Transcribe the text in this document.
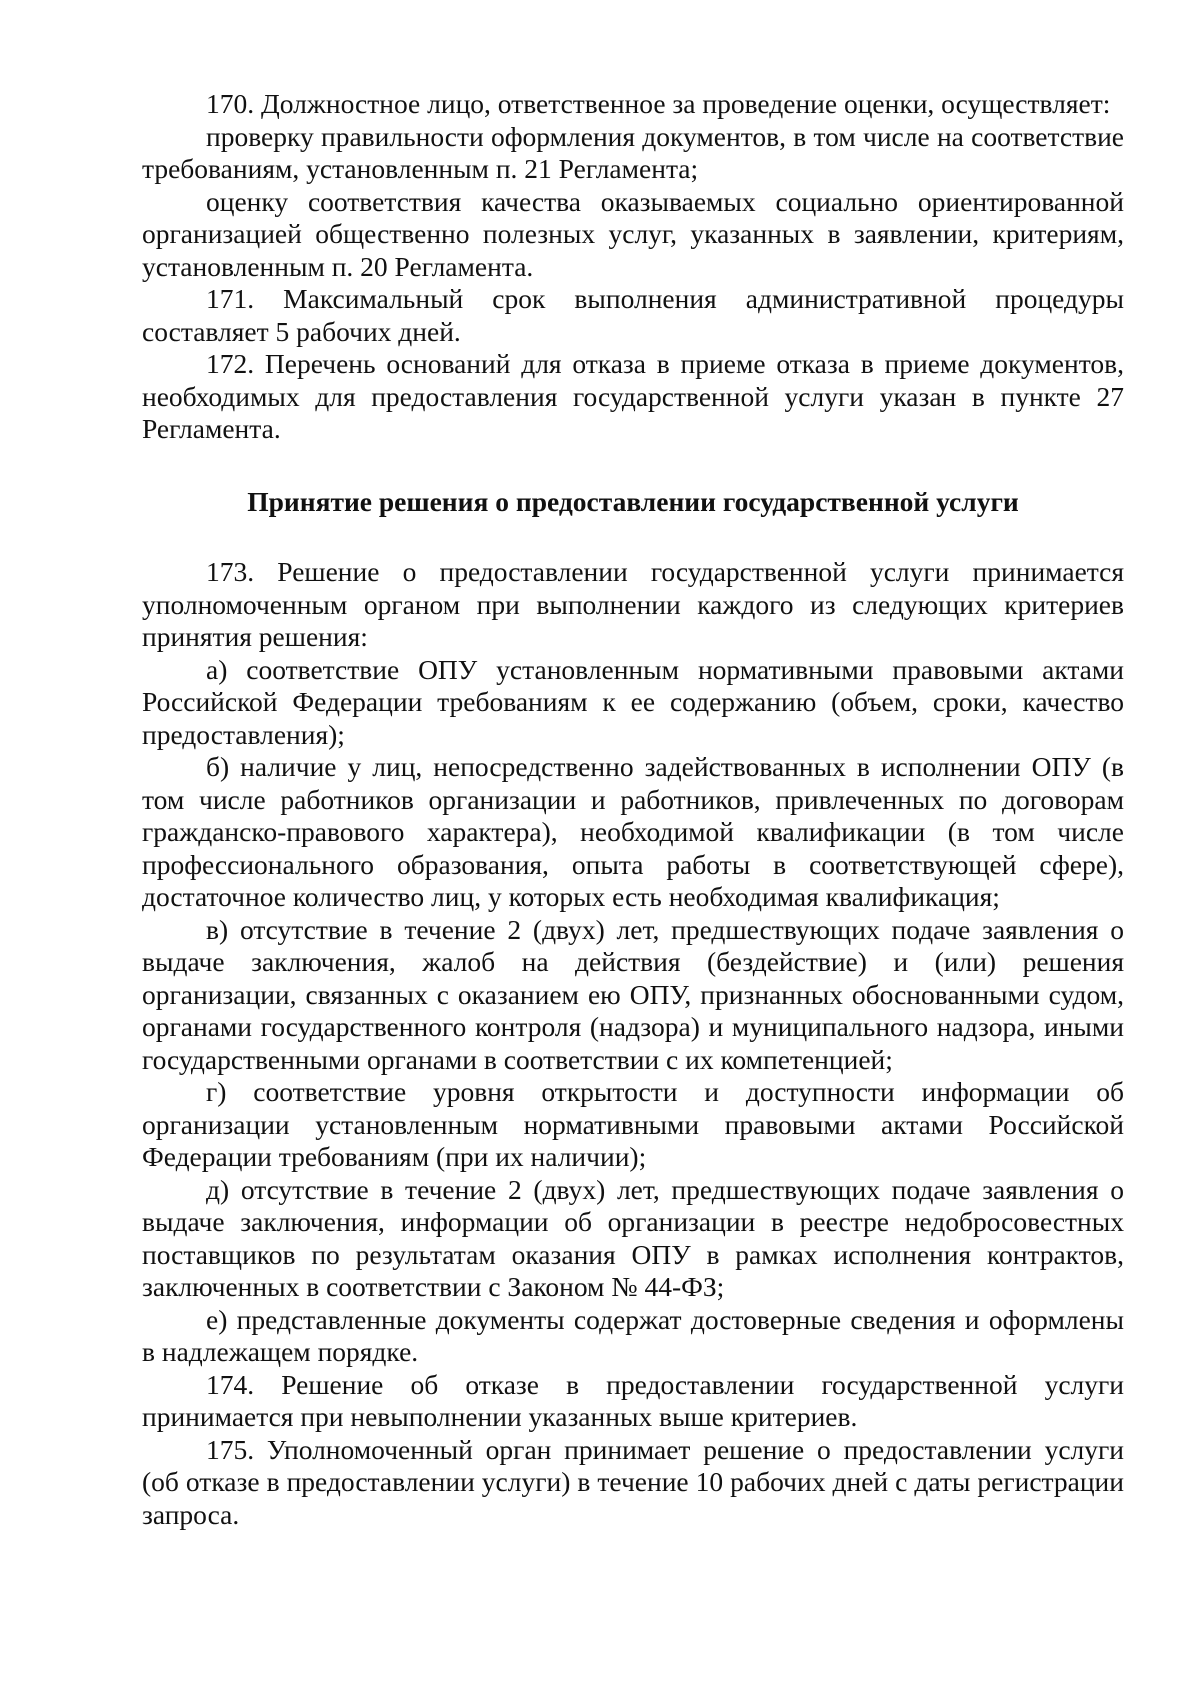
170. Должностное лицо, ответственное за проведение оценки, осуществляет:

проверку правильности оформления документов, в том числе на соответствие требованиям, установленным п. 21 Регламента;

оценку соответствия качества оказываемых социально ориентированной организацией общественно полезных услуг, указанных в заявлении, критериям, установленным п. 20 Регламента.

171. Максимальный срок выполнения административной процедуры составляет 5 рабочих дней.

172. Перечень оснований для отказа в приеме отказа в приеме документов, необходимых для предоставления государственной услуги указан в пункте 27 Регламента.

Принятие решения о предоставлении государственной услуги

173. Решение о предоставлении государственной услуги принимается уполномоченным органом при выполнении каждого из следующих критериев принятия решения:

а) соответствие ОПУ установленным нормативными правовыми актами Российской Федерации требованиям к ее содержанию (объем, сроки, качество предоставления);

б) наличие у лиц, непосредственно задействованных в исполнении ОПУ (в том числе работников организации и работников, привлеченных по договорам гражданско-правового характера), необходимой квалификации (в том числе профессионального образования, опыта работы в соответствующей сфере), достаточное количество лиц, у которых есть необходимая квалификация;

в) отсутствие в течение 2 (двух) лет, предшествующих подаче заявления о выдаче заключения, жалоб на действия (бездействие) и (или) решения организации, связанных с оказанием ею ОПУ, признанных обоснованными судом, органами государственного контроля (надзора) и муниципального надзора, иными государственными органами в соответствии с их компетенцией;

г) соответствие уровня открытости и доступности информации об организации установленным нормативными правовыми актами Российской Федерации требованиям (при их наличии);

д) отсутствие в течение 2 (двух) лет, предшествующих подаче заявления о выдаче заключения, информации об организации в реестре недобросовестных поставщиков по результатам оказания ОПУ в рамках исполнения контрактов, заключенных в соответствии с Законом № 44-ФЗ;

е) представленные документы содержат достоверные сведения и оформлены в надлежащем порядке.

174. Решение об отказе в предоставлении государственной услуги принимается при невыполнении указанных выше критериев.

175. Уполномоченный орган принимает решение о предоставлении услуги (об отказе в предоставлении услуги) в течение 10 рабочих дней с даты регистрации запроса.
